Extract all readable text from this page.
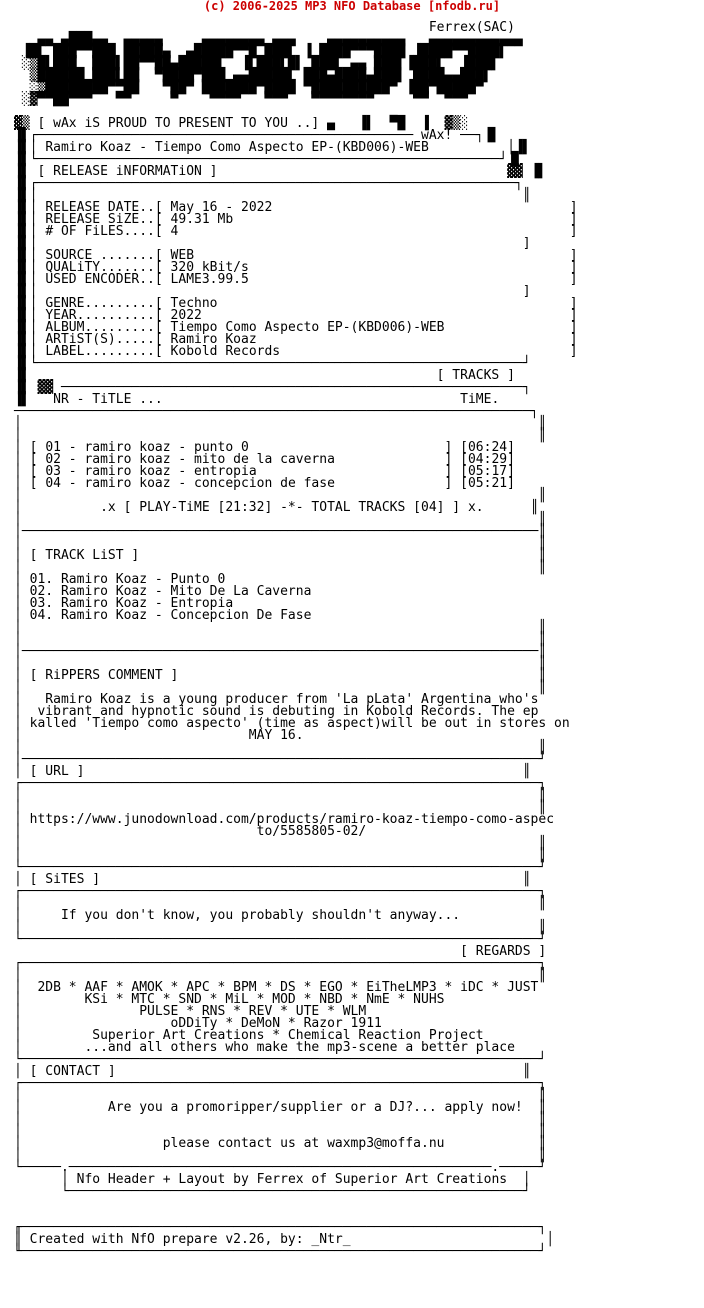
(c) 2006-2025 MP3 NFO Database [nfodb.ru]
Ferrex(SAC)
▄▄ ▄███▄▄  ▄▄▄▄▄     ▄▄▄▄▄▄▄▄ ▄▄▄    ▄▄▄▄▄▄▄▄▄▄   ▄▄▄▄▄▄▄▄▄▄▄▄
▐█▌ ███▀▀███ █████▄  ▄█████▀▀█ ███▌ ▐ ████▀▀▀████ ▐████▀▀████▌
░▒█▌███  ███▌██▀▀██▄█████▌  ▐▌███▌█▌ ███▌ ▄▄ ███▌▐███▌  ▐███▌
▒██████ ███▌██  ▀████▀███ ▄▄█████▌ ███▄████▄███▌ ████▄▄███▌
░▒████████▀▀██   ▀██▀ ███████▀████ ▀██████████▀ ▐██▀█████▀
░▓▀▀██▀▀▀   ▀▀     ▀    ▀▀▀▀   ▀▀▀   ▀▀▀▀▀▀▀▀     ▀▀  ▀▀▀
▓▒ [ wAx iS PROUD TO PRESENT TO YOU ..] ▄   ▐▌  ▀█  ▐  ▓▒░
▐▌┌──────────────────────────────────────────────── wAx! ──┐▐▌
▐▌│ Ramiro Koaz - Tiempo Como Aspecto EP-(KBD006)-WEB          │▐▌
▐▌└───────────────────────────────────────────────────────────┘▐▌
▐▌ [ RELEASE iNFORMATiON ]                                     ▓▓ ▐▌
▐▌┌─────────────────────────────────────────────────────────────┐
▐▌│                                                              ║
▐▌│ RELEASE DATE..[ May 16 - 2022                                      ]
▐▌│ RELEASE SiZE..[ 49.31 Mb                                           ]
▐▌│ # OF FiLES....[ 4                                                  ]
▐▌│                                                              ]
▐▌│ SOURCE .......[ WEB                                                ]
▐▌│ QUALiTY.......[ 320 kBit/s                                         ]
▐▌│ USED ENCODER..[ LAME3.99.5                                         ]
▐▌│                                                              ]
▐▌│ GENRE.........[ Techno                                             ]
▐▌│ YEAR..........[ 2022                                               ]
▐▌│ ALBUM.........[ Tiempo Como Aspecto EP-(KBD006)-WEB                ]
▐▌│ ARTiST(S).....[ Ramiro Koaz                                        ]
▐▌│ LABEL.........[ Kobold Records                                     ]
▐▌└──────────────────────────────────────────────────────────────┘
▐▌                                                    [ TRACKS ]
▐▌ ▓▓ ───────────────────────────────────────────────────────────┐
▐▌   NR - TiTLE ...	TiME.
──────────────────────────────────────────────────────────────────┐
│                                                                  ║
│                                                                  ║
│ [ 01 - ramiro koaz - punto 0                         ] [06:24]
│ [ 02 - ramiro koaz - mito de la caverna              ] [04:29]
│ [ 03 - ramiro koaz - entropia                        ] [05:17]
│ [ 04 - ramiro koaz - concepcion de fase              ] [05:21]
│                                                                  ║
│          .x [ PLAY-TiME [21:32] -*- TOTAL TRACKS [04] ] x.      ║
│                                                                  ║
│──────────────────────────────────────────────────────────────────║
│                                                                  ║
│ [ TRACK LiST ]                                                   ║
│                                                                  ║
│ 01. Ramiro Koaz - Punto 0
│ 02. Ramiro Koaz - Mito De La Caverna
│ 03. Ramiro Koaz - Entropia
│ 04. Ramiro Koaz - Concepcion De Fase
│                                                                  ║
│                                                                  ║
│──────────────────────────────────────────────────────────────────║
│                                                                  ║
│ [ RiPPERS COMMENT ]                                              ║
│                                                                  ║
│   Ramiro Koaz is a young producer from 'La pLata' Argentina who's
│  vibrant and hypnotic sound is debuting in Kobold Records. The ep
│ kalled 'Tiempo como aspecto' (time as aspect)will be out in stores on
│                             MAY 16.
│                                                                  ║
│──────────────────────────────────────────────────────────────────┘
│ [ URL ]                                                        ║
┌──────────────────────────────────────────────────────────────────┐
│                                                                  ║
│                                                                  ║
│ https://www.junodownload.com/products/ramiro-koaz-tiempo-como-aspec
│                              to/5585805-02/
│                                                                  ║
│                                                                  ║
└──────────────────────────────────────────────────────────────────┘
│ [ SiTES ]                                                      ║
┌──────────────────────────────────────────────────────────────────┐
│                                                                  ║
│     If you don't know, you probably shouldn't anyway...
│                                                                  ║
└──────────────────────────────────────────────────────────────────┘
[ REGARDS ]
┌──────────────────────────────────────────────────────────────────┐
│                                                                  ║
│  2DB * AAF * AMOK * APC * BPM * DS * EGO * EiTheLMP3 * iDC * JUST
│        KSi * MTC * SND * MiL * MOD * NBD * NmE * NUHS
│               PULSE * RNS * REV * UTE * WLM
│                   oDDiTy * DeMoN * Razor 1911
│         Superior Art Creations * Chemical Reaction Project
│        ...and all others who make the mp3-scene a better place
└──────────────────────────────────────────────────────────────────┘
│ [ CONTACT ]                                                    ║
┌──────────────────────────────────────────────────────────────────┐
│                                                                  ║
│           Are you a promoripper/supplier or a DJ?... apply now!  ║
│                                                                  ║
│                                                                  ║
│                  please contact us at waxmp3@moffa.nu            ║
│                                                                  ║
└─────.──────────────────────────────────────────────────────.─────┘
│ Nfo Header + Layout by Ferrex of Superior Art Creations  │
└──────────────────────────────────────────────────────────┘
╓──────────────────────────────────────────────────────────────────┐
║ Created with NfO prepare v2.26, by: _Ntr_                         │
╙──────────────────────────────────────────────────────────────────┘
